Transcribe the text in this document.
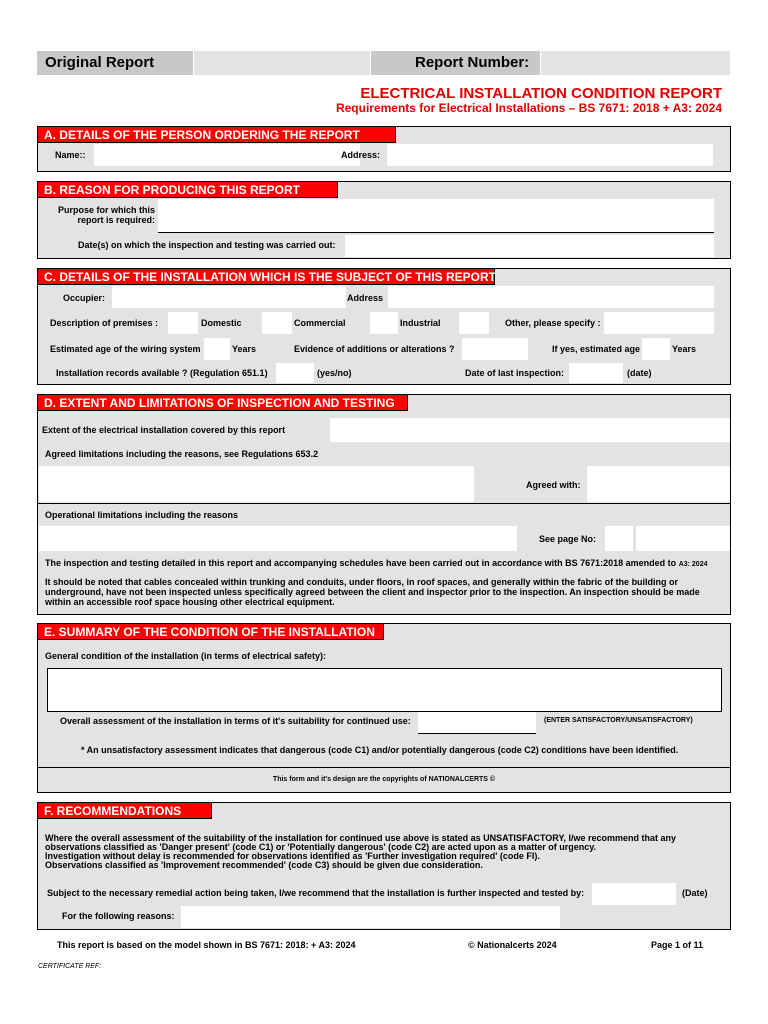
Original Report	Report Number:
ELECTRICAL INSTALLATION CONDITION REPORT
Requirements for Electrical Installations – BS 7671: 2018 + A3: 2024
A. DETAILS OF THE PERSON ORDERING THE REPORT
Name::	Address:
B. REASON FOR PRODUCING THIS REPORT
Purpose for which this
report is required:
Date(s) on which the inspection and testing was carried out:
C. DETAILS OF THE INSTALLATION WHICH IS THE SUBJECT OF THIS REPORT
Occupier:	Address
Description of premises :	Domestic	Commercial	Industrial	Other, please specify :
Estimated age of the wiring system	Years	Evidence of additions or alterations ?	If yes, estimated age	Years
Installation records available ? (Regulation 651.1)	(yes/no)	Date of last inspection:	(date)
D. EXTENT AND LIMITATIONS OF INSPECTION AND TESTING
Extent of the electrical installation covered by this report
Agreed limitations including the reasons, see Regulations 653.2
Agreed with:
Operational limitations including the reasons
See page No:
The inspection and testing detailed in this report and accompanying schedules have been carried out in accordance with BS 7671:2018 amended to A3: 2024
It should be noted that cables concealed within trunking and conduits, under floors, in roof spaces, and generally within the fabric of the building or underground, have not been inspected unless specifically agreed between the client and inspector prior to the inspection. An inspection should be made within an accessible roof space housing other electrical equipment.
E. SUMMARY OF THE CONDITION OF THE INSTALLATION
General condition of the installation (in terms of electrical safety):
Overall assessment of the installation in terms of it's suitability for continued use:	(ENTER SATISFACTORY/UNSATISFACTORY)
* An unsatisfactory assessment indicates that dangerous (code C1) and/or potentially dangerous (code C2) conditions have been identified.
This form and it's design are the copyrights of NATIONALCERTS ©
F. RECOMMENDATIONS
Where the overall assessment of the suitability of the installation for continued use above is stated as UNSATISFACTORY, I/we recommend that any
observations classified as 'Danger present' (code C1) or 'Potentially dangerous' (code C2) are acted upon as a matter of urgency.
Investigation without delay is recommended for observations identified as 'Further investigation required' (code FI).
Observations classified as 'Improvement recommended' (code C3) should be given due consideration.
Subject to the necessary remedial action being taken, I/we recommend that the installation is further inspected and tested by:	(Date)
For the following reasons:
This report is based on the model shown in BS 7671: 2018: + A3: 2024	© Nationalcerts 2024	Page 1 of 11
CERTIFICATE REF:
